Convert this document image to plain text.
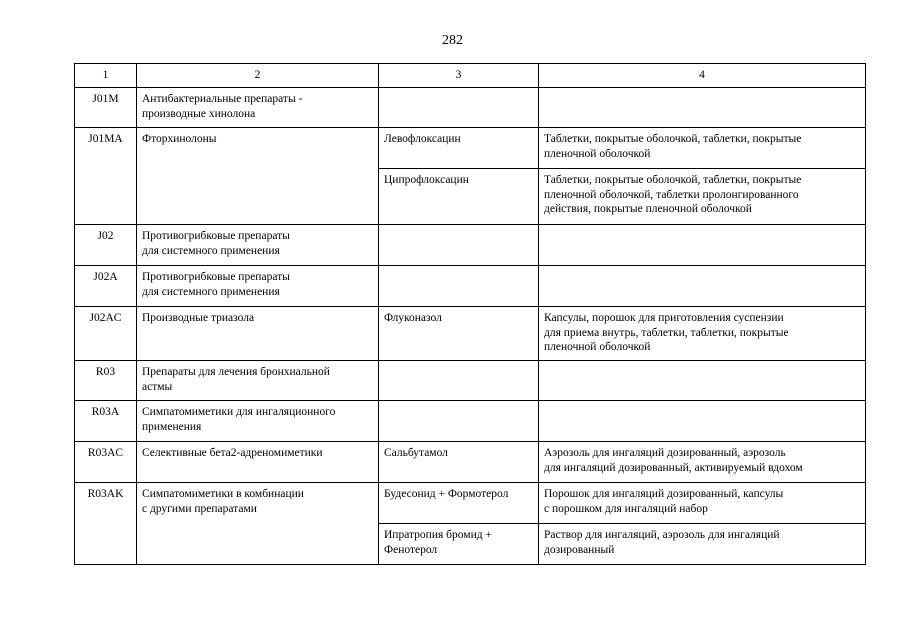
282
1	2	3	4
J01M	Антибактериальные препараты -
производные хинолона		

J01MA	Фторхинолоны	Левофлоксацин	Таблетки, покрытые оболочкой, таблетки, покрытые
пленочной оболочкой

		Ципрофлоксацин	Таблетки, покрытые оболочкой, таблетки, покрытые
пленочной оболочкой, таблетки пролонгированного
действия, покрытые пленочной оболочкой

J02	Противогрибковые препараты
для системного применения		

J02A	Противогрибковые препараты
для системного применения		

J02AC	Производные триазола	Флуконазол	Капсулы, порошок для приготовления суспензии
для приема внутрь, таблетки, таблетки, покрытые
пленочной оболочкой

R03	Препараты для лечения бронхиальной
астмы		

R03A	Симпатомиметики для ингаляционного
применения		

R03AC	Селективные бета2-адреномиметики	Сальбутамол	Аэрозоль для ингаляций дозированный, аэрозоль
для ингаляций дозированный, активируемый вдохом

R03AK	Симпатомиметики в комбинации
с другими препаратами	Будесонид + Формотерол	Порошок для ингаляций дозированный, капсулы
с порошком для ингаляций набор

		Ипратропия бромид +
Фенотерол	Раствор для ингаляций, аэрозоль для ингаляций
дозированный
